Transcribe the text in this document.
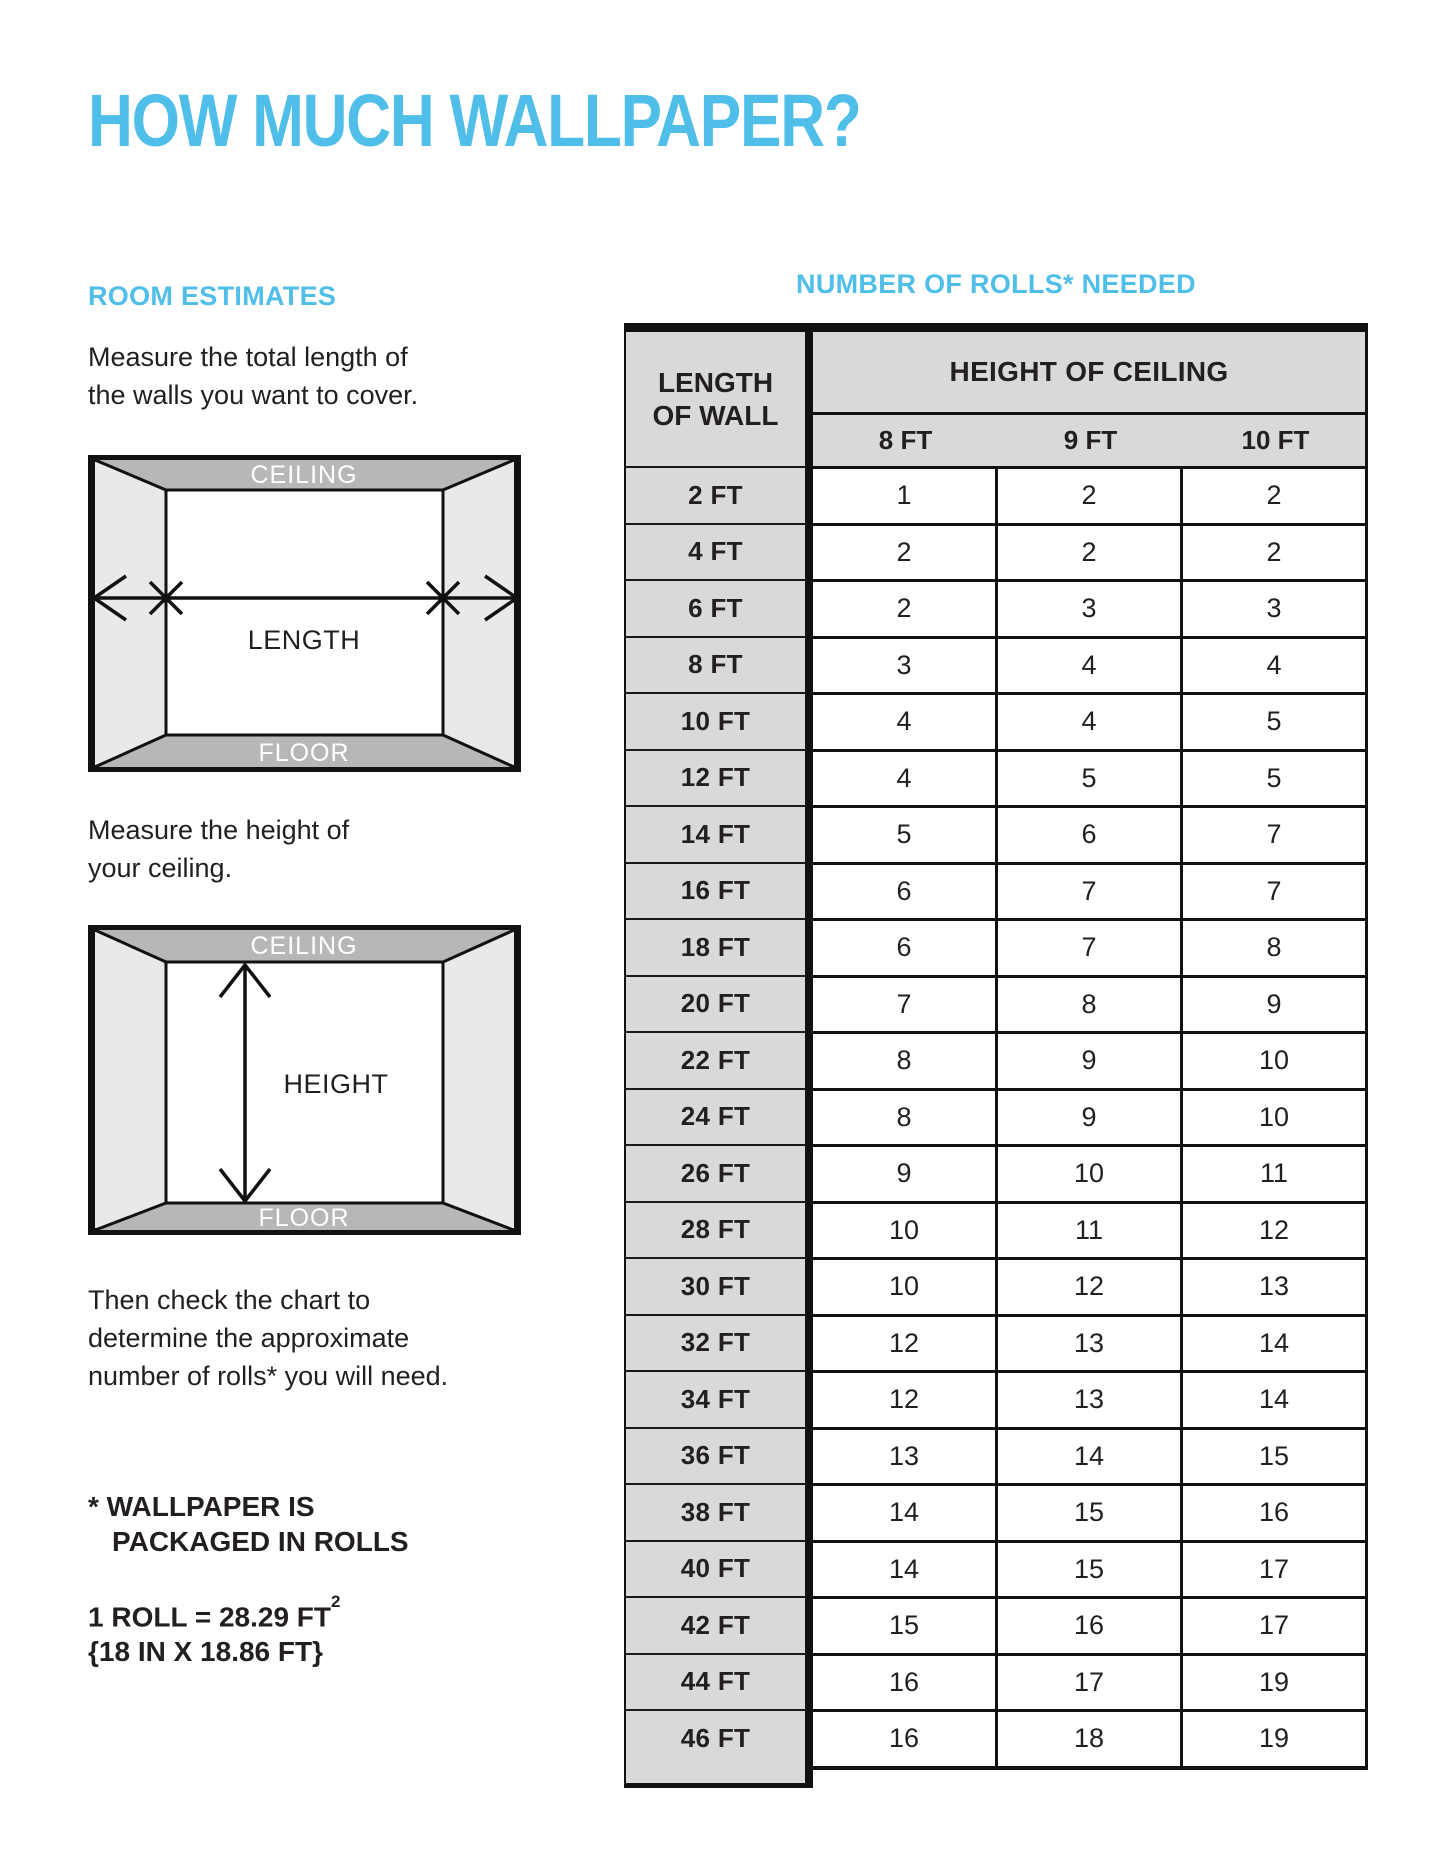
HOW MUCH WALLPAPER?
ROOM ESTIMATES
Measure the total length of
the walls you want to cover.
CEILING
LENGTH
FLOOR
Measure the height of
your ceiling.
CEILING
HEIGHT
FLOOR
Then check the chart to
determine the approximate
number of rolls* you will need.
* WALLPAPER IS
PACKAGED IN ROLLS
1 ROLL = 28.29 $FT^2$
{18 IN X 18.86 FT}
NUMBER OF ROLLS* NEEDED
LENGTH
OF WALL
HEIGHT OF CEILING
8 FT	9 FT	10 FT
2 FT	1	2	2
4 FT	2	2	2
6 FT	2	3	3
8 FT	3	4	4
10 FT	4	4	5
12 FT	4	5	5
14 FT	5	6	7
16 FT	6	7	7
18 FT	6	7	8
20 FT	7	8	9
22 FT	8	9	10
24 FT	8	9	10
26 FT	9	10	11
28 FT	10	11	12
30 FT	10	12	13
32 FT	12	13	14
34 FT	12	13	14
36 FT	13	14	15
38 FT	14	15	16
40 FT	14	15	17
42 FT	15	16	17
44 FT	16	17	19
46 FT	16	18	19
